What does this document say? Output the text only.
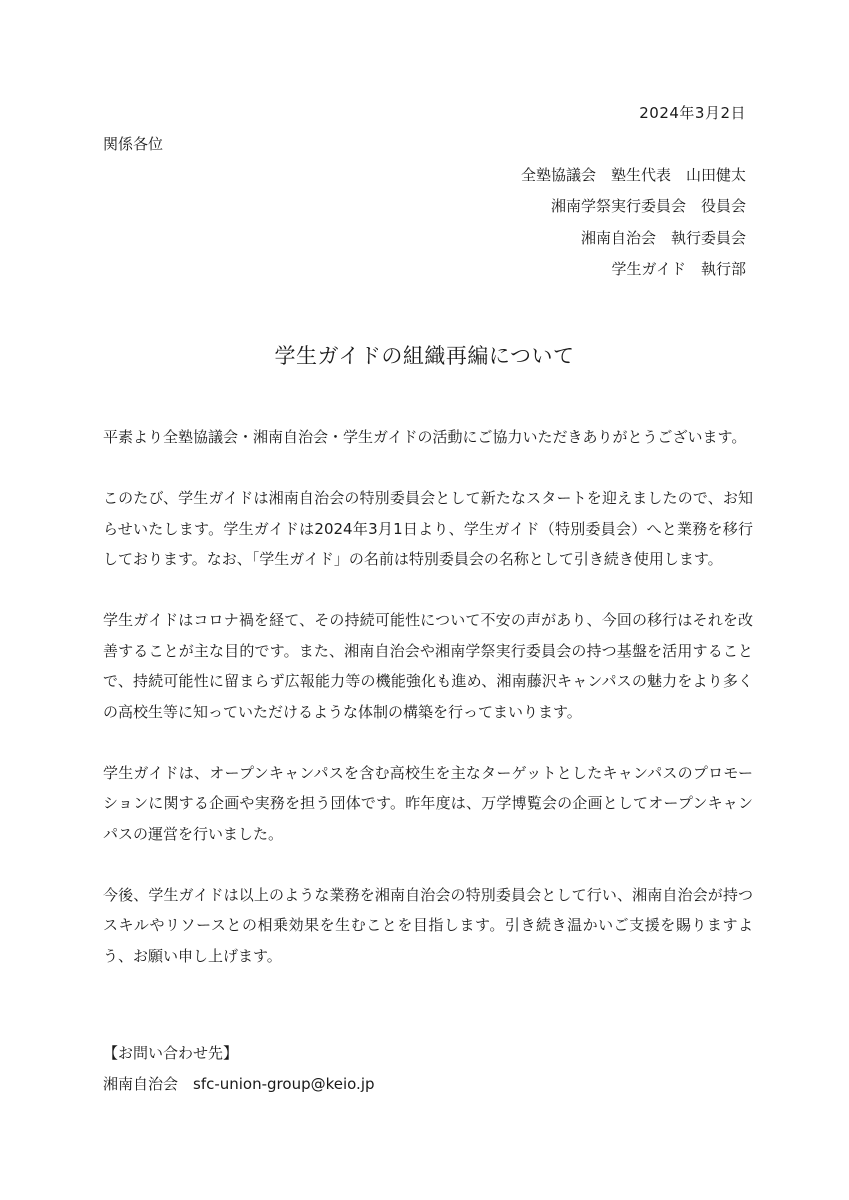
2024年3月2日
関係各位
全塾協議会　塾生代表　山田健太
湘南学祭実行委員会　役員会
湘南自治会　執行委員会
学生ガイド　執行部
学生ガイドの組織再編について

平素より全塾協議会・湘南自治会・学生ガイドの活動にご協力いただきありがとうございます。

このたび、学生ガイドは湘南自治会の特別委員会として新たなスタートを迎えましたので、お知らせいたします。学生ガイドは2024年3月1日より、学生ガイド（特別委員会）へと業務を移行しております。なお、「学生ガイド」の名前は特別委員会の名称として引き続き使用します。

学生ガイドはコロナ禍を経て、その持続可能性について不安の声があり、今回の移行はそれを改善することが主な目的です。また、湘南自治会や湘南学祭実行委員会の持つ基盤を活用することで、持続可能性に留まらず広報能力等の機能強化も進め、湘南藤沢キャンパスの魅力をより多くの高校生等に知っていただけるような体制の構築を行ってまいります。

学生ガイドは、オープンキャンパスを含む高校生を主なターゲットとしたキャンパスのプロモーションに関する企画や実務を担う団体です。昨年度は、万学博覧会の企画としてオープンキャンパスの運営を行いました。

今後、学生ガイドは以上のような業務を湘南自治会の特別委員会として行い、湘南自治会が持つスキルやリソースとの相乗効果を生むことを目指します。引き続き温かいご支援を賜りますよう、お願い申し上げます。

【お問い合わせ先】
湘南自治会　sfc-union-group@keio.jp
